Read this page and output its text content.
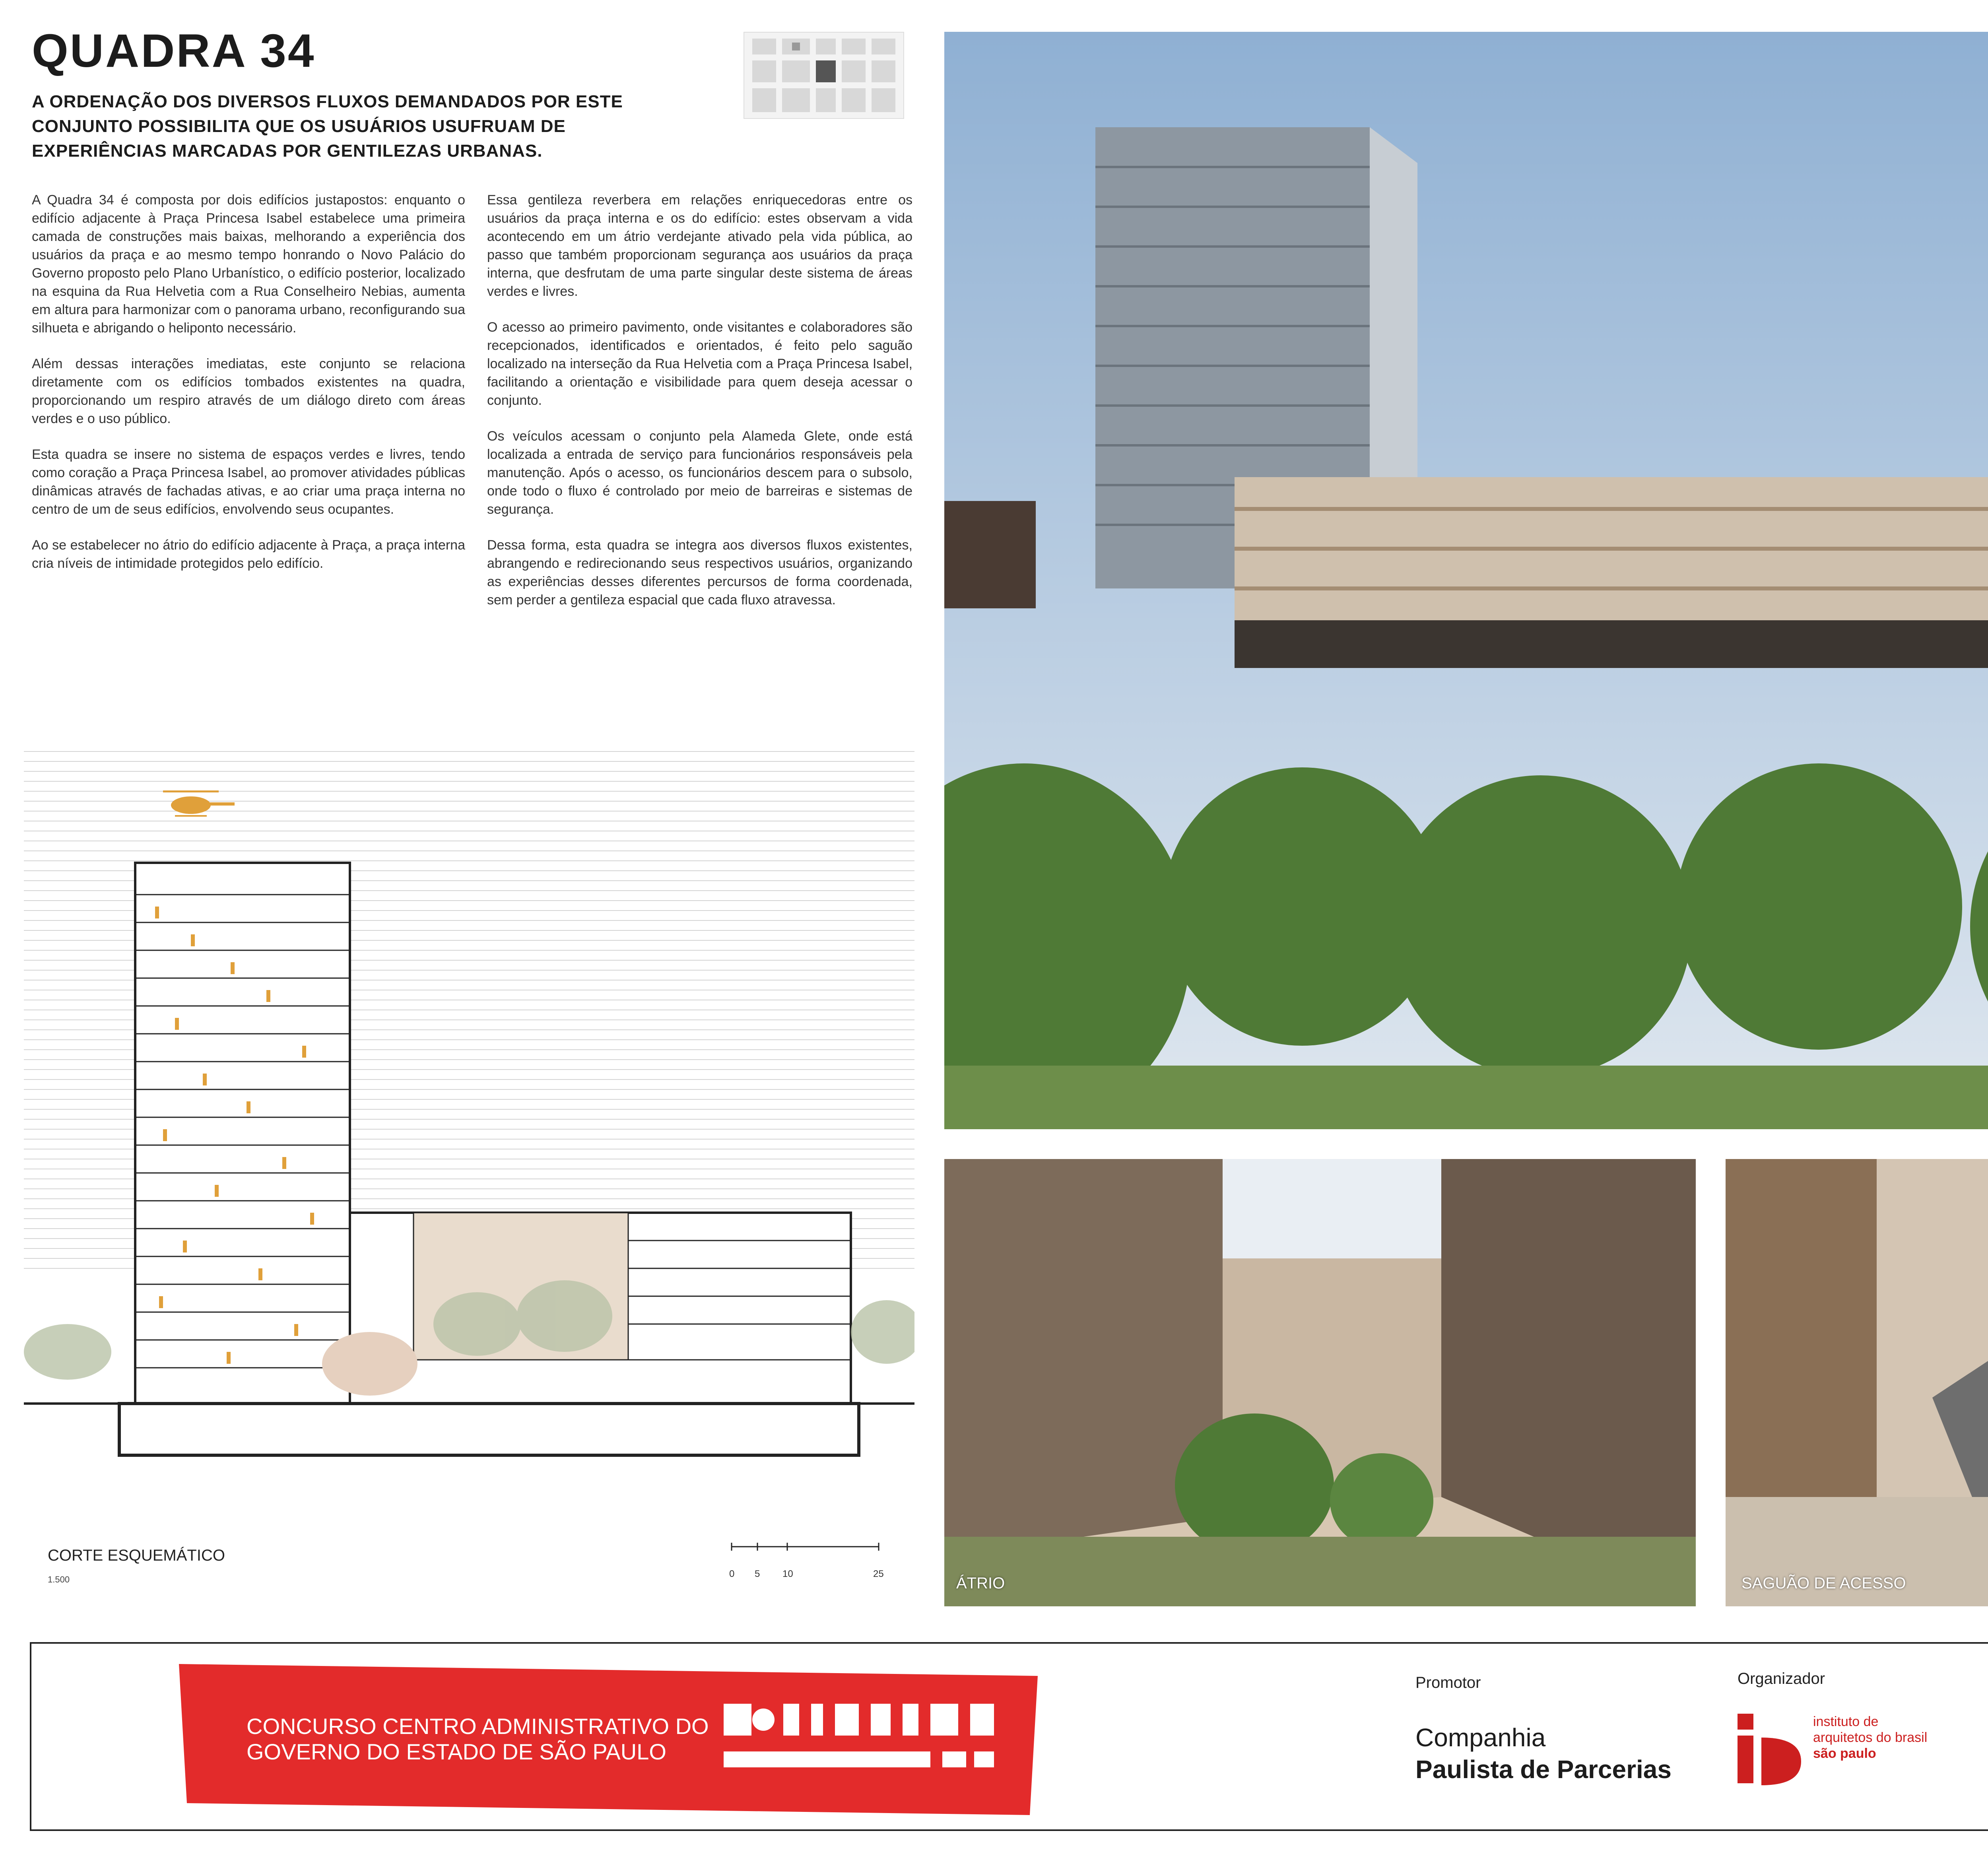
QUADRA 34
A ORDENAÇÃO DOS DIVERSOS FLUXOS DEMANDADOS POR ESTE CONJUNTO POSSIBILITA QUE OS USUÁRIOS USUFRUAM DE EXPERIÊNCIAS MARCADAS POR GENTILEZAS URBANAS.

A Quadra 34 é composta por dois edifícios justapostos: enquanto o edifício adjacente à Praça Princesa Isabel estabelece uma primeira camada de construções mais baixas, melhorando a experiência dos usuários da praça e ao mesmo tempo honrando o Novo Palácio do Governo proposto pelo Plano Urbanístico, o edifício posterior, localizado na esquina da Rua Helvetia com a Rua Conselheiro Nebias, aumenta em altura para harmonizar com o panorama urbano, reconfigurando sua silhueta e abrigando o heliponto necessário.

Além dessas interações imediatas, este conjunto se relaciona diretamente com os edifícios tombados existentes na quadra, proporcionando um respiro através de um diálogo direto com áreas verdes e o uso público.

Esta quadra se insere no sistema de espaços verdes e livres, tendo como coração a Praça Princesa Isabel, ao promover atividades públicas dinâmicas através de fachadas ativas, e ao criar uma praça interna no centro de um de seus edifícios, envolvendo seus ocupantes.

Ao se estabelecer no átrio do edifício adjacente à Praça, a praça interna cria níveis de intimidade protegidos pelo edifício.

Essa gentileza reverbera em relações enriquecedoras entre os usuários da praça interna e os do edifício: estes observam a vida acontecendo em um átrio verdejante ativado pela vida pública, ao passo que também proporcionam segurança aos usuários da praça interna, que desfrutam de uma parte singular deste sistema de áreas verdes e livres.

O acesso ao primeiro pavimento, onde visitantes e colaboradores são recepcionados, identificados e orientados, é feito pelo saguão localizado na interseção da Rua Helvetia com a Praça Princesa Isabel, facilitando a orientação e visibilidade para quem deseja acessar o conjunto.

Os veículos acessam o conjunto pela Alameda Glete, onde está localizada a entrada de serviço para funcionários responsáveis pela manutenção. Após o acesso, os funcionários descem para o subsolo, onde todo o fluxo é controlado por meio de barreiras e sistemas de segurança.

Dessa forma, esta quadra se integra aos diversos fluxos existentes, abrangendo e redirecionando seus respectivos usuários, organizando as experiências desses diferentes percursos de forma coordenada, sem perder a gentileza espacial que cada fluxo atravessa.

CORTE ESQUEMÁTICO
1.500
0 5 10	25
ÁTRIO	SAGUÃO DE ACESSO
CONCURSO CENTRO ADMINISTRATIVO DO GOVERNO DO ESTADO DE SÃO PAULO
Promotor
Companhia
Paulista de Parcerias
Organizador
instituto de
arquitetos do brasil
são paulo
